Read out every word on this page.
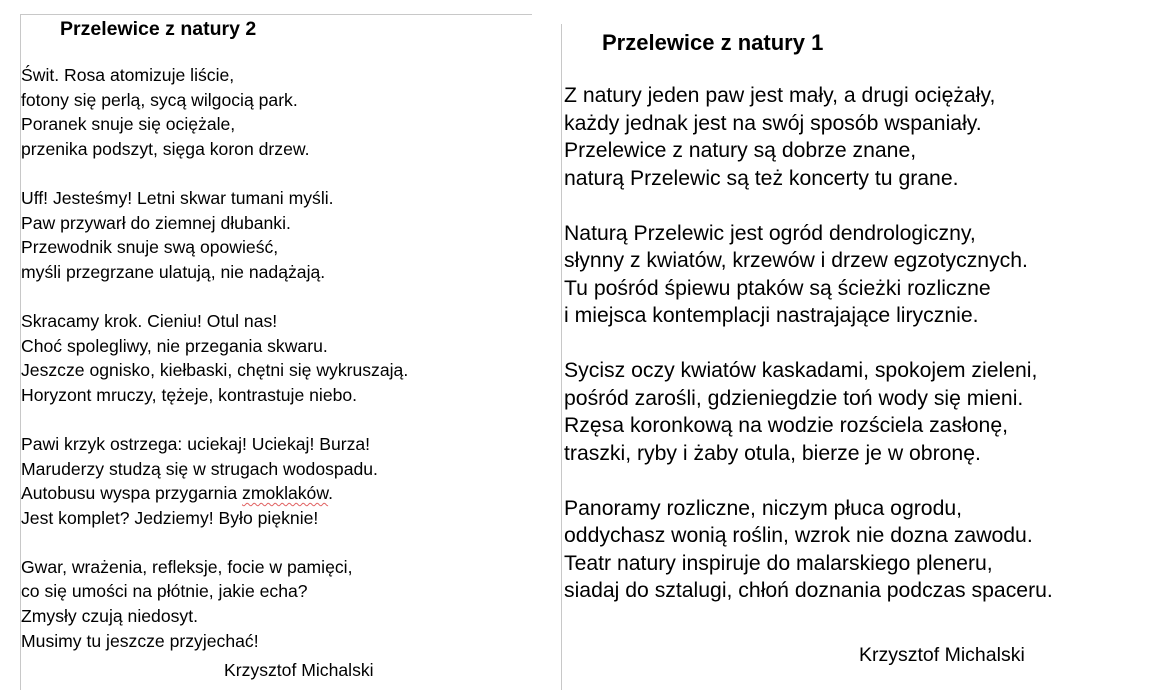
Przelewice z natury 2

Świt. Rosa atomizuje liście,
fotony się perlą, sycą wilgocią park.
Poranek snuje się ociężale,
przenika podszyt, sięga koron drzew.

Uff! Jesteśmy! Letni skwar tumani myśli.
Paw przywarł do ziemnej dłubanki.
Przewodnik snuje swą opowieść,
myśli przegrzane ulatują, nie nadążają.

Skracamy krok. Cieniu! Otul nas!
Choć spolegliwy, nie przegania skwaru.
Jeszcze ognisko, kiełbaski, chętni się wykruszają.
Horyzont mruczy, tężeje, kontrastuje niebo.

Pawi krzyk ostrzega: uciekaj! Uciekaj! Burza!
Maruderzy studzą się w strugach wodospadu.
Autobusu wyspa przygarnia zmoklaków.
Jest komplet? Jedziemy! Było pięknie!

Gwar, wrażenia, refleksje, focie w pamięci,
co się umości na płótnie, jakie echa?
Zmysły czują niedosyt.
Musimy tu jeszcze przyjechać!

Krzysztof Michalski
Przelewice z natury 1

Z natury jeden paw jest mały, a drugi ociężały,
każdy jednak jest na swój sposób wspaniały.
Przelewice z natury są dobrze znane,
naturą Przelewic są też koncerty tu grane.

Naturą Przelewic jest ogród dendrologiczny,
słynny z kwiatów, krzewów i drzew egzotycznych.
Tu pośród śpiewu ptaków są ścieżki rozliczne
i miejsca kontemplacji nastrajające lirycznie.

Sycisz oczy kwiatów kaskadami, spokojem zieleni,
pośród zarośli, gdzieniegdzie toń wody się mieni.
Rzęsa koronkową na wodzie rozściela zasłonę,
traszki, ryby i żaby otula, bierze je w obronę.

Panoramy rozliczne, niczym płuca ogrodu,
oddychasz wonią roślin, wzrok nie dozna zawodu.
Teatr natury inspiruje do malarskiego pleneru,
siadaj do sztalugi, chłoń doznania podczas spaceru.

Krzysztof Michalski
